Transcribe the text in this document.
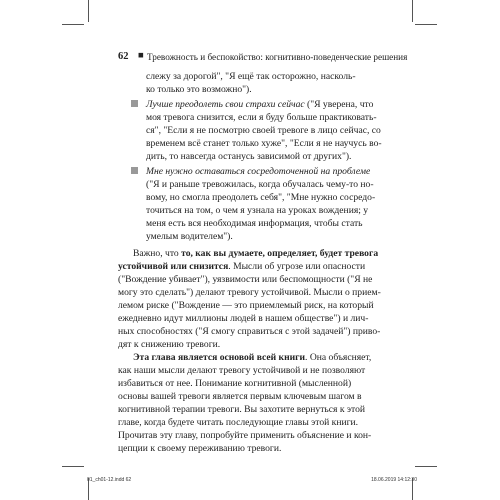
62 ■ Тревожность и беспокойство: когнитивно-поведенческие решения
слежу за дорогой", "Я ещё так осторожно, насколь-
ко только это возможно").
Лучше преодолеть свои страхи сейчас ("Я уверена, что
моя тревога снизится, если я буду больше практиковать-
ся", "Если я не посмотрю своей тревоге в лицо сейчас, со
временем всё станет только хуже", "Если я не научусь во-
дить, то навсегда останусь зависимой от других").
Мне нужно оставаться сосредоточенной на проблеме
("Я и раньше тревожилась, когда обучалась чему-то но-
вому, но смогла преодолеть себя", "Мне нужно сосредо-
точиться на том, о чем я узнала на уроках вождения; у
меня есть вся необходимая информация, чтобы стать
умелым водителем").
Важно, что то, как вы думаете, определяет, будет тревога
устойчивой или снизится. Мысли об угрозе или опасности
("Вождение убивает"), уязвимости или беспомощности ("Я не
могу это сделать") делают тревогу устойчивой. Мысли о прием-
лемом риске ("Вождение — это приемлемый риск, на который
ежедневно идут миллионы людей в нашем обществе") и лич-
ных способностях ("Я смогу справиться с этой задачей") приво-
дят к снижению тревоги.
Эта глава является основой всей книги. Она объясняет,
как наши мысли делают тревогу устойчивой и не позволяют
избавиться от нее. Понимание когнитивной (мысленной)
основы вашей тревоги является первым ключевым шагом в
когнитивной терапии тревоги. Вы захотите вернуться к этой
главе, когда будете читать последующие главы этой книги.
Прочитав эту главу, попробуйте применить объяснение и кон-
цепции к своему переживанию тревоги.
01_ch01-12.indd 62	18.06.2019 14:12:30
